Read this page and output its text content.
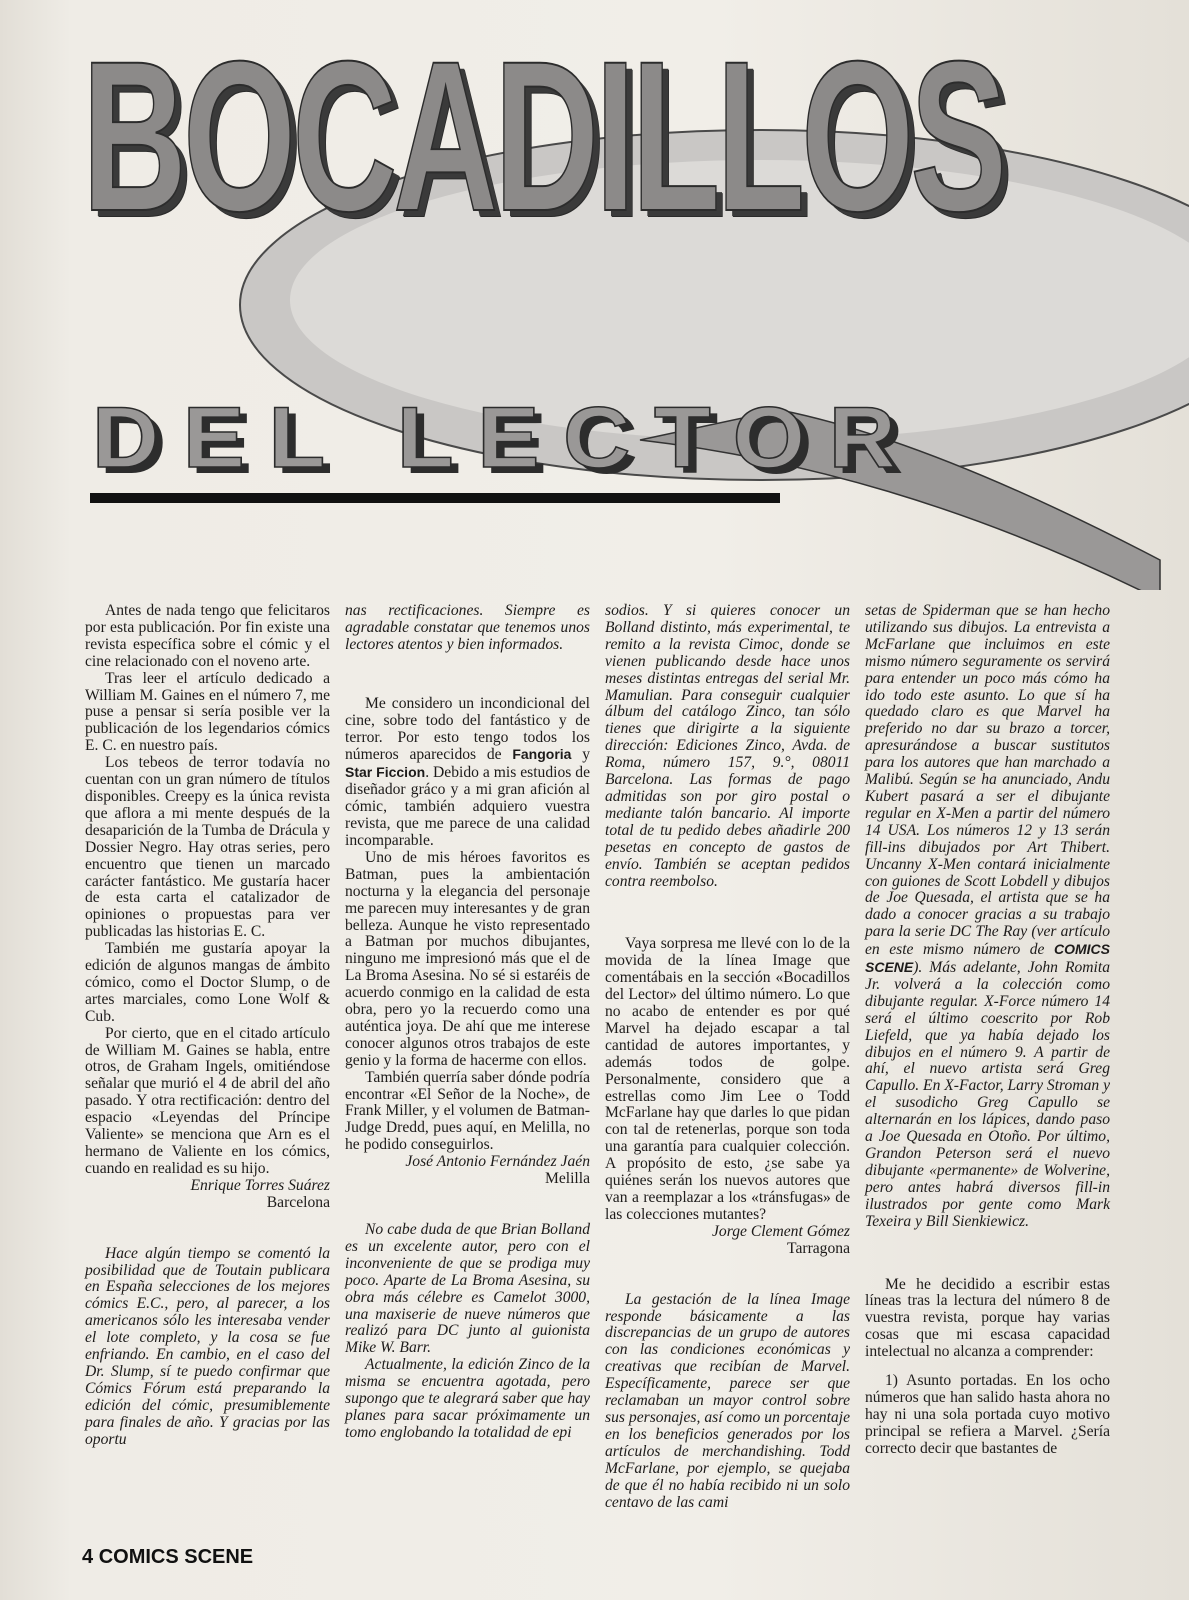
BOCADILLOS
DEL LECTOR

Antes de nada tengo que felicitaros por esta publicación. Por fin existe una revista específica sobre el cómic y el cine relacionado con el noveno arte.

Tras leer el artículo dedicado a William M. Gaines en el número 7, me puse a pensar si sería posible ver la publicación de los legendarios cómics E. C. en nuestro país.

Los tebeos de terror todavía no cuentan con un gran número de títulos disponibles. Creepy es la única revista que aflora a mi mente después de la desaparición de la Tumba de Drácula y Dossier Negro. Hay otras series, pero encuentro que tienen un marcado carácter fantástico. Me gustaría hacer de esta carta el catalizador de opiniones o propuestas para ver publicadas las historias E. C.

También me gustaría apoyar la edición de algunos mangas de ámbito cómico, como el Doctor Slump, o de artes marciales, como Lone Wolf & Cub.

Por cierto, que en el citado artículo de William M. Gaines se habla, entre otros, de Graham Ingels, omitiéndose señalar que murió el 4 de abril del año pasado. Y otra rectificación: dentro del espacio «Leyendas del Príncipe Valiente» se menciona que Arn es el hermano de Valiente en los cómics, cuando en realidad es su hijo.

Enrique Torres Suárez

Barcelona

Hace algún tiempo se comentó la posibilidad que de Toutain publicara en España selecciones de los mejores cómics E.C., pero, al parecer, a los americanos sólo les interesaba vender el lote completo, y la cosa se fue enfriando. En cambio, en el caso del Dr. Slump, sí te puedo confirmar que Cómics Fórum está preparando la edición del cómic, presumiblemente para finales de año. Y gracias por las oportu

nas rectificaciones. Siempre es agradable constatar que tenemos unos lectores atentos y bien informados.

Me considero un incondicional del cine, sobre todo del fantástico y de terror. Por esto tengo todos los números aparecidos de Fangoria y Star Ficcion. Debido a mis estudios de diseñador gráco y a mi gran afición al cómic, también adquiero vuestra revista, que me parece de una calidad incomparable.

Uno de mis héroes favoritos es Batman, pues la ambientación nocturna y la elegancia del personaje me parecen muy interesantes y de gran belleza. Aunque he visto representado a Batman por muchos dibujantes, ninguno me impresionó más que el de La Broma Asesina. No sé si estaréis de acuerdo conmigo en la calidad de esta obra, pero yo la recuerdo como una auténtica joya. De ahí que me interese conocer algunos otros trabajos de este genio y la forma de hacerme con ellos.

También querría saber dónde podría encontrar «El Señor de la Noche», de Frank Miller, y el volumen de Batman-Judge Dredd, pues aquí, en Melilla, no he podido conseguirlos.

José Antonio Fernández Jaén

Melilla

No cabe duda de que Brian Bolland es un excelente autor, pero con el inconveniente de que se prodiga muy poco. Aparte de La Broma Asesina, su obra más célebre es Camelot 3000, una maxiserie de nueve números que realizó para DC junto al guionista Mike W. Barr.

Actualmente, la edición Zinco de la misma se encuentra agotada, pero supongo que te alegrará saber que hay planes para sacar próximamente un tomo englobando la totalidad de epi

sodios. Y si quieres conocer un Bolland distinto, más experimental, te remito a la revista Cimoc, donde se vienen publicando desde hace unos meses distintas entregas del serial Mr. Mamulian. Para conseguir cualquier álbum del catálogo Zinco, tan sólo tienes que dirigirte a la siguiente dirección: Ediciones Zinco, Avda. de Roma, número 157, 9.°, 08011 Barcelona. Las formas de pago admitidas son por giro postal o mediante talón bancario. Al importe total de tu pedido debes añadirle 200 pesetas en concepto de gastos de envío. También se aceptan pedidos contra reembolso.

Vaya sorpresa me llevé con lo de la movida de la línea Image que comentábais en la sección «Bocadillos del Lector» del último número. Lo que no acabo de entender es por qué Marvel ha dejado escapar a tal cantidad de autores importantes, y además todos de golpe. Personalmente, considero que a estrellas como Jim Lee o Todd McFarlane hay que darles lo que pidan con tal de retenerlas, porque son toda una garantía para cualquier colección. A propósito de esto, ¿se sabe ya quiénes serán los nuevos autores que van a reemplazar a los «tránsfugas» de las colecciones mutantes?

Jorge Clement Gómez

Tarragona

La gestación de la línea Image responde básicamente a las discrepancias de un grupo de autores con las condiciones económicas y creativas que recibían de Marvel. Específicamente, parece ser que reclamaban un mayor control sobre sus personajes, así como un porcentaje en los beneficios generados por los artículos de merchandishing. Todd McFarlane, por ejemplo, se quejaba de que él no había recibido ni un solo centavo de las cami

setas de Spiderman que se han hecho utilizando sus dibujos. La entrevista a McFarlane que incluimos en este mismo número seguramente os servirá para entender un poco más cómo ha ido todo este asunto. Lo que sí ha quedado claro es que Marvel ha preferido no dar su brazo a torcer, apresurándose a buscar sustitutos para los autores que han marchado a Malibú. Según se ha anunciado, Andu Kubert pasará a ser el dibujante regular en X-Men a partir del número 14 USA. Los números 12 y 13 serán fill-ins dibujados por Art Thibert. Uncanny X-Men contará inicialmente con guiones de Scott Lobdell y dibujos de Joe Quesada, el artista que se ha dado a conocer gracias a su trabajo para la serie DC The Ray (ver artículo en este mismo número de COMICS SCENE). Más adelante, John Romita Jr. volverá a la colección como dibujante regular. X-Force número 14 será el último coescrito por Rob Liefeld, que ya había dejado los dibujos en el número 9. A partir de ahí, el nuevo artista será Greg Capullo. En X-Factor, Larry Stroman y el susodicho Greg Capullo se alternarán en los lápices, dando paso a Joe Quesada en Otoño. Por último, Grandon Peterson será el nuevo dibujante «permanente» de Wolverine, pero antes habrá diversos fill-in ilustrados por gente como Mark Texeira y Bill Sienkiewicz.

Me he decidido a escribir estas líneas tras la lectura del número 8 de vuestra revista, porque hay varias cosas que mi escasa capacidad intelectual no alcanza a comprender:

1) Asunto portadas. En los ocho números que han salido hasta ahora no hay ni una sola portada cuyo motivo principal se refiera a Marvel. ¿Sería correcto decir que bastantes de

4 COMICS SCENE
